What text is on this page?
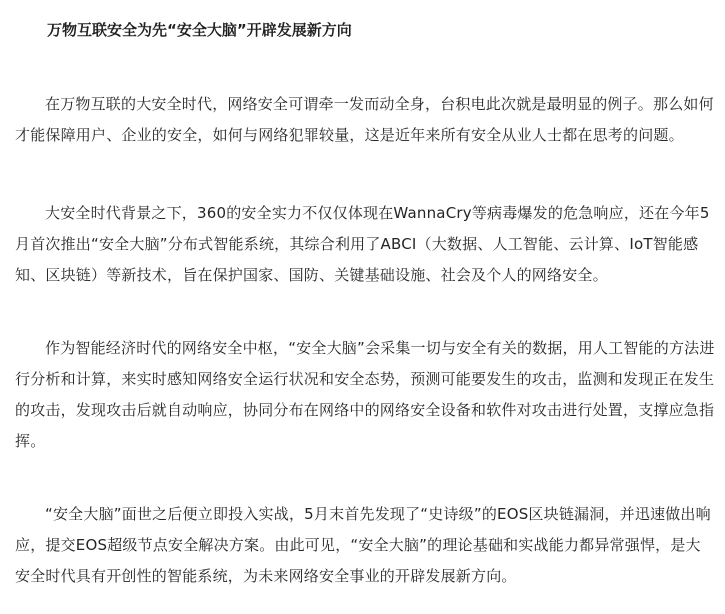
万物互联安全为先“安全大脑”开辟发展新方向

在万物互联的大安全时代，网络安全可谓牵一发而动全身，台积电此次就是最明显的例子。那么如何才能保障用户、企业的安全，如何与网络犯罪较量，这是近年来所有安全从业人士都在思考的问题。

大安全时代背景之下，360的安全实力不仅仅体现在WannaCry等病毒爆发的危急响应，还在今年5月首次推出“安全大脑”分布式智能系统，其综合利用了ABCI（大数据、人工智能、云计算、IoT智能感知、区块链）等新技术，旨在保护国家、国防、关键基础设施、社会及个人的网络安全。

作为智能经济时代的网络安全中枢，“安全大脑”会采集一切与安全有关的数据，用人工智能的方法进行分析和计算，来实时感知网络安全运行状况和安全态势，预测可能要发生的攻击，监测和发现正在发生的攻击，发现攻击后就自动响应，协同分布在网络中的网络安全设备和软件对攻击进行处置，支撑应急指挥。

“安全大脑”面世之后便立即投入实战，5月末首先发现了“史诗级”的EOS区块链漏洞，并迅速做出响应，提交EOS超级节点安全解决方案。由此可见，“安全大脑”的理论基础和实战能力都异常强悍，是大安全时代具有开创性的智能系统，为未来网络安全事业的开辟发展新方向。
